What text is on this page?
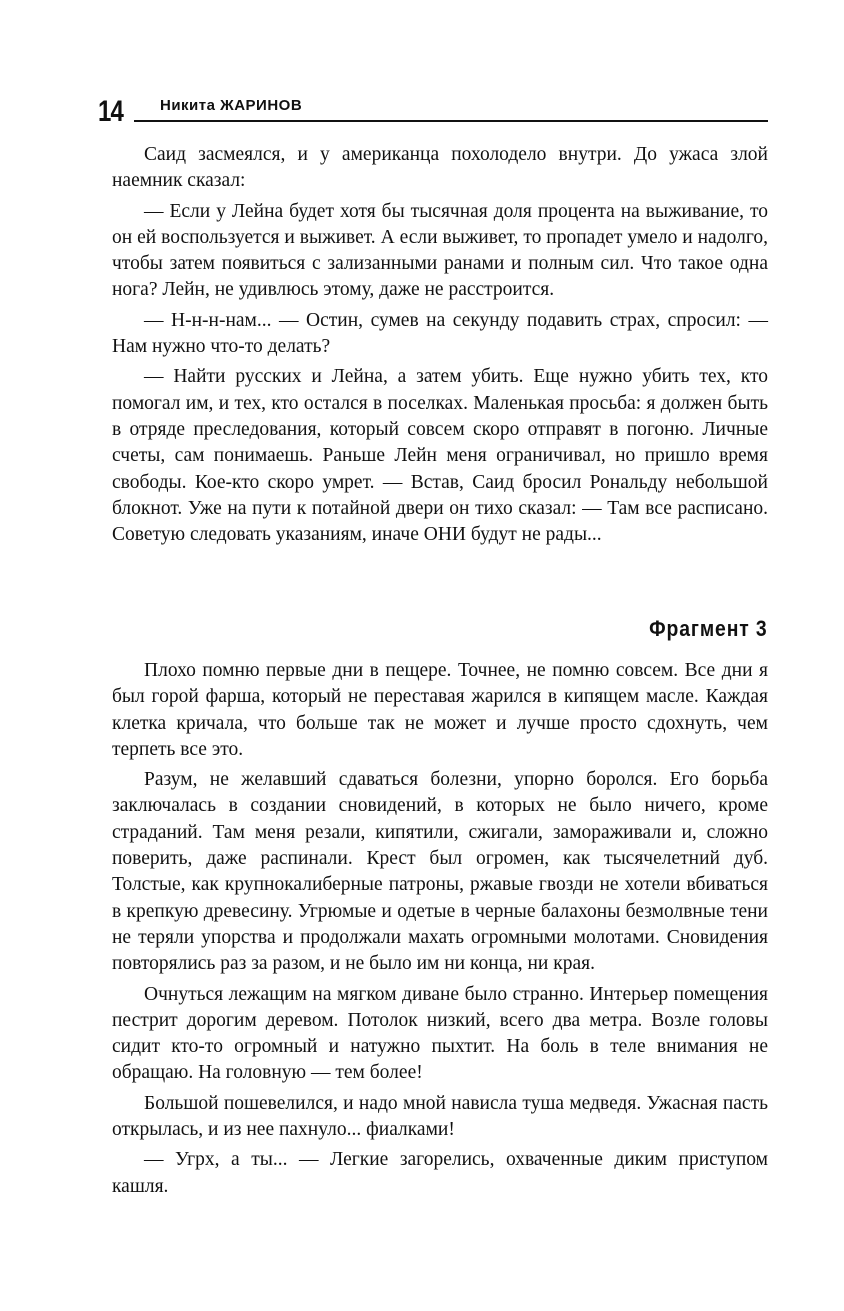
14 Никита ЖАРИНОВ

Саид засмеялся, и у американца похолодело внутри. До ужаса злой наемник сказал:

— Если у Лейна будет хотя бы тысячная доля процента на выживание, то он ей воспользуется и выживет. А если выживет, то пропадет умело и надолго, чтобы затем появиться с зализанными ранами и полным сил. Что такое одна нога? Лейн, не удивлюсь этому, даже не расстроится.

— Н-н-н-нам... — Остин, сумев на секунду подавить страх, спросил: — Нам нужно что-то делать?

— Найти русских и Лейна, а затем убить. Еще нужно убить тех, кто помогал им, и тех, кто остался в поселках. Маленькая просьба: я должен быть в отряде преследования, который совсем скоро отправят в погоню. Личные счеты, сам понимаешь. Раньше Лейн меня ограничивал, но пришло время свободы. Кое-кто скоро умрет. — Встав, Саид бросил Рональду небольшой блокнот. Уже на пути к потайной двери он тихо сказал: — Там все расписано. Советую следовать указаниям, иначе ОНИ будут не рады...

Фрагмент 3

Плохо помню первые дни в пещере. Точнее, не помню совсем. Все дни я был горой фарша, который не переставая жарился в кипящем масле. Каждая клетка кричала, что больше так не может и лучше просто сдохнуть, чем терпеть все это.

Разум, не желавший сдаваться болезни, упорно боролся. Его борьба заключалась в создании сновидений, в которых не было ничего, кроме страданий. Там меня резали, кипятили, сжигали, замораживали и, сложно поверить, даже распинали. Крест был огромен, как тысячелетний дуб. Толстые, как крупнокалиберные патроны, ржавые гвозди не хотели вбиваться в крепкую древесину. Угрюмые и одетые в черные балахоны безмолвные тени не теряли упорства и продолжали махать огромными молотами. Сновидения повторялись раз за разом, и не было им ни конца, ни края.

Очнуться лежащим на мягком диване было странно. Интерьер помещения пестрит дорогим деревом. Потолок низкий, всего два метра. Возле головы сидит кто-то огромный и натужно пыхтит. На боль в теле внимания не обращаю. На головную — тем более!

Большой пошевелился, и надо мной нависла туша медведя. Ужасная пасть открылась, и из нее пахнуло... фиалками!

— Угрх, а ты... — Легкие загорелись, охваченные диким приступом кашля.
